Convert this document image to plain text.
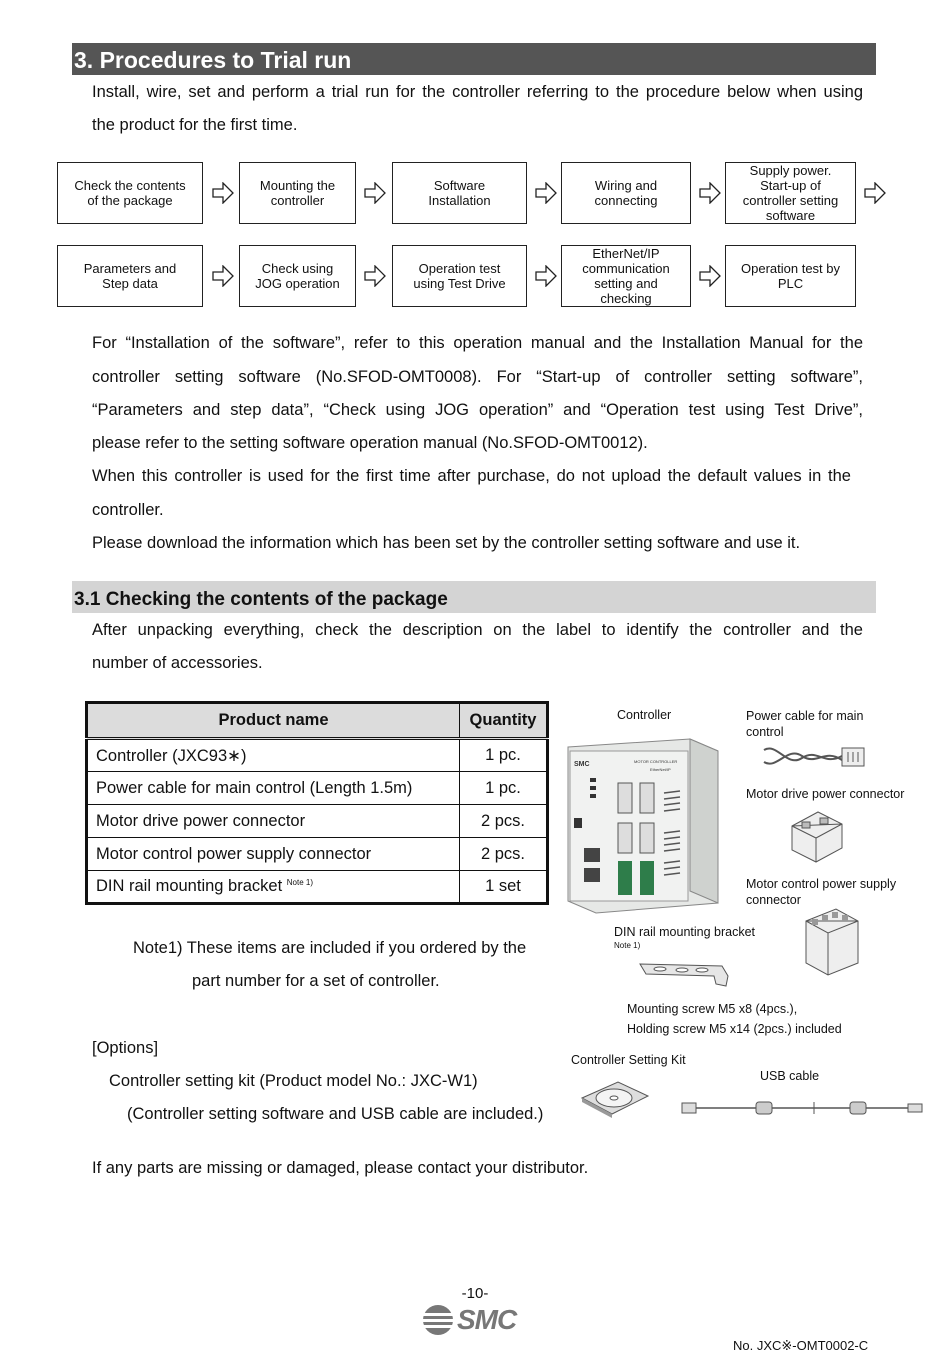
3. Procedures to Trial run
Install, wire, set and perform a trial run for the controller referring to the procedure below when using
the product for the first time.
Check the contents
of the package
Mounting the
controller
Software
Installation
Wiring and
connecting
Supply power.
Start-up of
controller setting
software
Parameters and
Step data
Check using
JOG operation
Operation test
using Test Drive
EtherNet/IP
communication
setting and
checking
Operation test by
PLC
For “Installation of the software”, refer to this operation manual and the Installation Manual for the
controller setting software (No.SFOD-OMT0008). For “Start-up of controller setting software”,
“Parameters and step data”, “Check using JOG operation” and “Operation test using Test Drive”,
please refer to the setting software operation manual (No.SFOD-OMT0012).
When this controller is used for the first time after purchase, do not upload the default values in the
controller.
Please download the information which has been set by the controller setting software and use it.
3.1 Checking the contents of the package
After unpacking everything, check the description on the label to identify the controller and the
number of accessories.
Product name	Quantity
Controller (JXC93∗)	1 pc.
Power cable for main control (Length 1.5m)	1 pc.
Motor drive power connector	2 pcs.
Motor control power supply connector	2 pcs.
DIN rail mounting bracket $^{Note 1)}$	1 set
Note1) These items are included if you ordered by the
part number for a set of controller.
[Options]
Controller setting kit (Product model No.: JXC-W1)
(Controller setting software and USB cable are included.)
If any parts are missing or damaged, please contact your distributor.
Controller	Power cable for main
control
Motor drive power connector
Motor control power supply
connector
DIN rail mounting bracket
Note 1)
Mounting screw M5 x8 (4pcs.),
Holding screw M5 x14 (2pcs.) included
Controller Setting Kit
USB cable
SMC	MOTOR CONTROLLER
EtherNet/IP
-10-
SMC
No. JXC※-OMT0002-C
